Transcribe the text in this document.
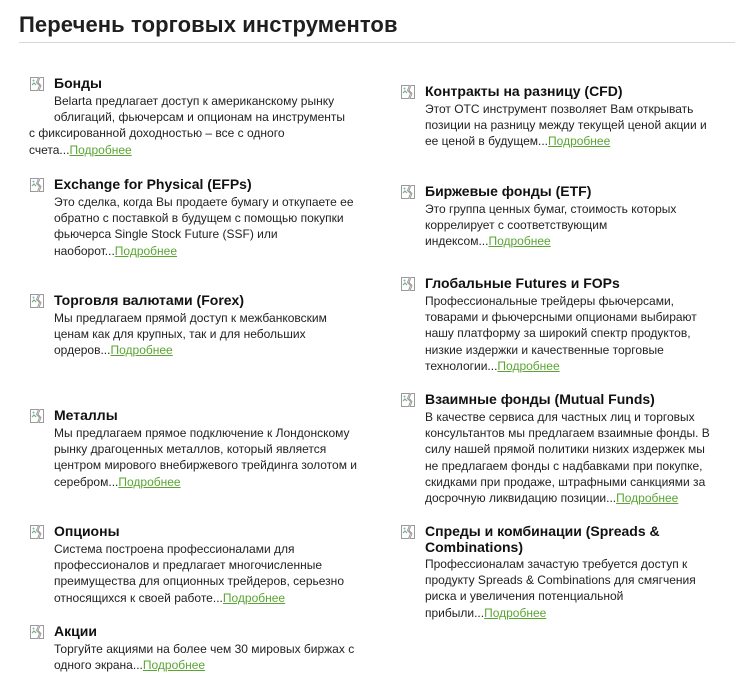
Перечень торговых инструментов
Бонды
Belarta предлагает доступ к американскому рынку облигаций, фьючерсам и опционам на инструменты
с фиксированной доходностью – все с одного счета...Подробнее
Exchange for Physical (EFPs)
Это сделка, когда Вы продаете бумагу и откупаете ее обратно с поставкой в будущем с помощью покупки фьючерса Single Stock Future (SSF) или наоборот...Подробнее
Торговля валютами (Forex)
Мы предлагаем прямой доступ к межбанковским ценам как для крупных, так и для небольших ордеров...Подробнее
Металлы
Мы предлагаем прямое подключение к Лондонскому рынку драгоценных металлов, который является центром мирового внебиржевого трейдинга золотом и серебром...Подробнее
Опционы
Система построена профессионалами для профессионалов и предлагает многочисленные преимущества для опционных трейдеров, серьезно относящихся к своей работе...Подробнее
Акции
Торгуйте акциями на более чем 30 мировых биржах с одного экрана...Подробнее
Контракты на разницу (CFD)
Этот ОТС инструмент позволяет Вам открывать позиции на разницу между текущей ценой акции и ее ценой в будущем...Подробнее
Биржевые фонды (ETF)
Это группа ценных бумаг, стоимость которых коррелирует с соответствующим индексом...Подробнее
Глобальные Futures и FOPs
Профессиональные трейдеры фьючерсами, товарами и фьючерсными опционами выбирают нашу платформу за широкий спектр продуктов, низкие издержки и качественные торговые технологии...Подробнее
Взаимные фонды (Mutual Funds)
В качестве сервиса для частных лиц и торговых консультантов мы предлагаем взаимные фонды. В силу нашей прямой политики низких издержек мы не предлагаем фонды с надбавками при покупке, скидками при продаже, штрафными санкциями за досрочную ликвидацию позиции...Подробнее
Спреды и комбинации (Spreads & Combinations)
Профессионалам зачастую требуется доступ к продукту Spreads & Combinations для смягчения риска и увеличения потенциальной прибыли...Подробнее
